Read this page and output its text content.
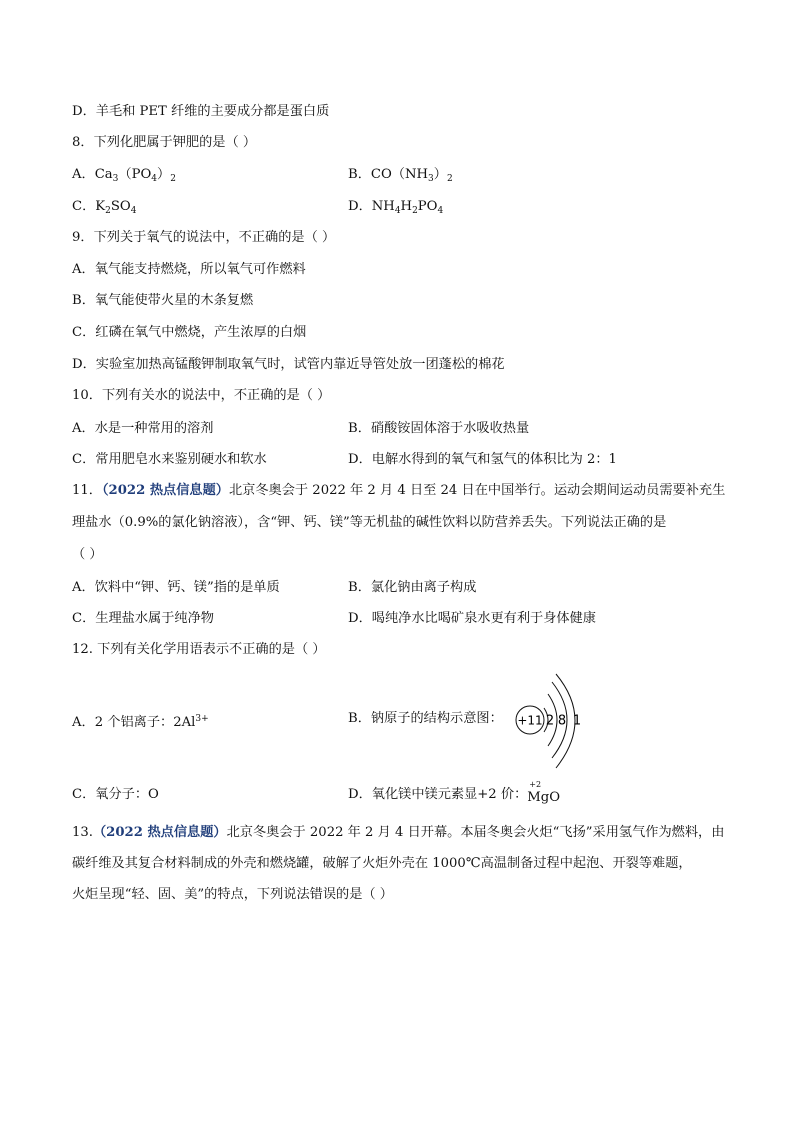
D．羊毛和 PET 纤维的主要成分都是蛋白质
8．下列化肥属于钾肥的是（ ）
A．$Ca_3(PO_4)_2$	B．$CO(NH_3)_2$
C．$K_2SO_4$	D．$NH_4H_2PO_4$
9．下列关于氧气的说法中，不正确的是（ ）
A．氧气能支持燃烧，所以氧气可作燃料
B．氧气能使带火星的木条复燃
C．红磷在氧气中燃烧，产生浓厚的白烟
D．实验室加热高锰酸钾制取氧气时，试管内靠近导管处放一团蓬松的棉花
10．下列有关水的说法中，不正确的是（ ）
A．水是一种常用的溶剂	B．硝酸铵固体溶于水吸收热量
C．常用肥皂水来鉴别硬水和软水	D．电解水得到的氧气和氢气的体积比为 2：1
11．（2022 热点信息题）北京冬奥会于 2022 年 2 月 4 日至 24 日在中国举行。运动会期间运动员需要补充生
理盐水（0.9%的氯化钠溶液），含“钾、钙、镁”等无机盐的碱性饮料以防营养丢失。下列说法正确的是
（ ）
A．饮料中“钾、钙、镁”指的是单质	B．氯化钠由离子构成
C．生理盐水属于纯净物	D．喝纯净水比喝矿泉水更有利于身体健康
12. 下列有关化学用语表示不正确的是（ ）
A．2 个铝离子：$2Al^{3+}$	B．钠原子的结构示意图： +11 2 8 1
C．氧分子：O	D．氧化镁中镁元素显+2 价：
+2
MgO
13.（2022 热点信息题）北京冬奥会于 2022 年 2 月 4 日开幕。本届冬奥会火炬“飞扬”采用氢气作为燃料，由
碳纤维及其复合材料制成的外壳和燃烧罐，破解了火炬外壳在 1000℃高温制备过程中起泡、开裂等难题，
火炬呈现“轻、固、美”的特点，下列说法错误的是（ ）
